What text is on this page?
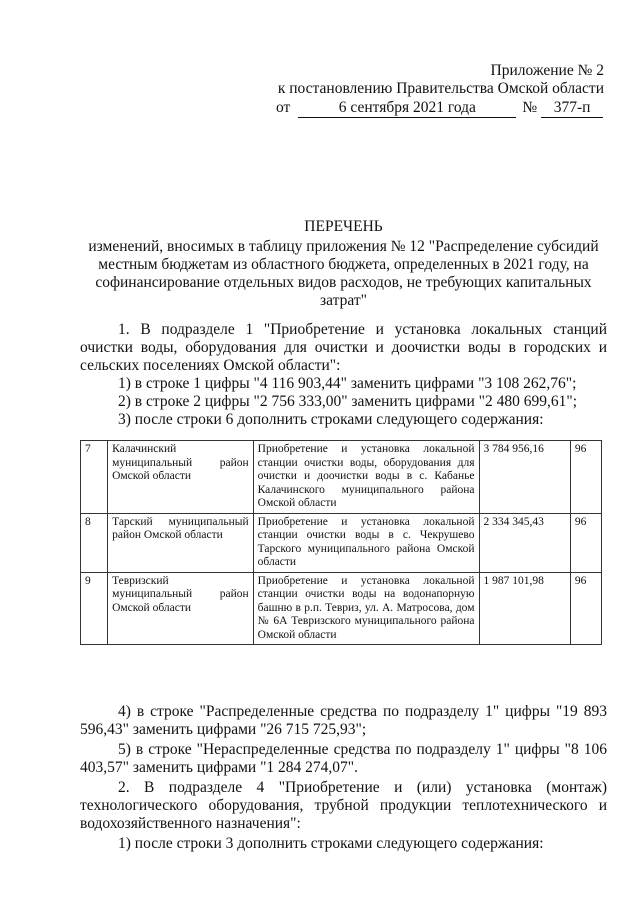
Приложение № 2
к постановлению Правительства Омской области
от	6 сентября 2021 года	№	377-п
ПЕРЕЧЕНЬ
изменений, вносимых в таблицу приложения № 12 "Распределение субсидий местным бюджетам из областного бюджета, определенных в 2021 году, на софинансирование отдельных видов расходов, не требующих капитальных затрат"

1. В подразделе 1 "Приобретение и установка локальных станций очистки воды, оборудования для очистки и доочистки воды в городских и сельских поселениях Омской области":

1) в строке 1 цифры "4 116 903,44" заменить цифрами "3 108 262,76";

2) в строке 2 цифры "2 756 333,00" заменить цифрами "2 480 699,61";

3) после строки 6 дополнить строками следующего содержания:

7	Калачинский муниципальный район Омской области	Приобретение и установка локальной станции очистки воды, оборудования для очистки и доочистки воды в с. Кабанье Калачинского муниципального района Омской области	3 784 956,16	96
8	Тарский муниципальный район Омской области	Приобретение и установка локальной станции очистки воды в с. Чекрушево Тарского муниципального района Омской области	2 334 345,43	96
9	Тевризский муниципальный район Омской области	Приобретение и установка локальной станции очистки воды на водонапорную башню в р.п. Тевриз, ул. А. Матросова, дом № 6А Тевризского муниципального района Омской области	1 987 101,98	96

4) в строке "Распределенные средства по подразделу 1" цифры "19 893 596,43" заменить цифрами "26 715 725,93";

5) в строке "Нераспределенные средства по подразделу 1" цифры "8 106 403,57" заменить цифрами "1 284 274,07".

2. В подразделе 4 "Приобретение и (или) установка (монтаж) технологического оборудования, трубной продукции теплотехнического и водохозяйственного назначения":

1) после строки 3 дополнить строками следующего содержания:
